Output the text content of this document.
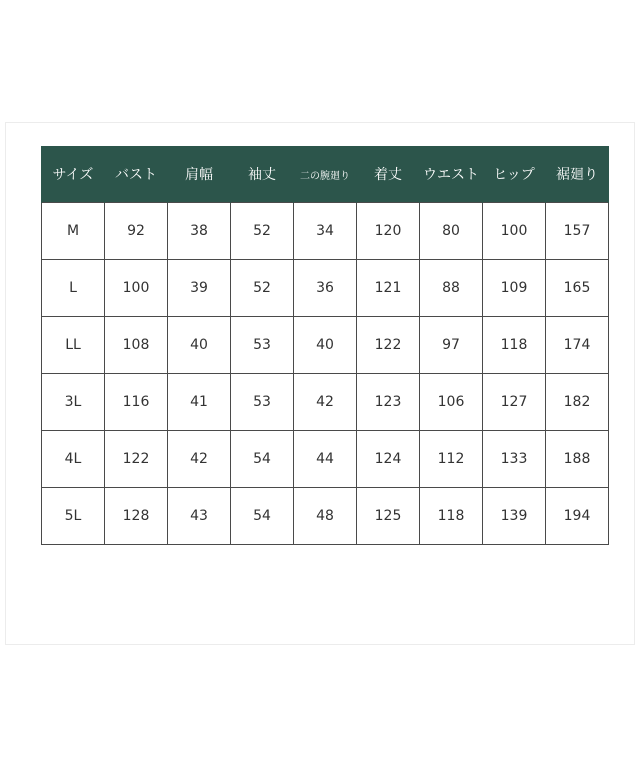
サイズ	バスト	肩幅	袖丈	二の腕廻り	着丈	ウエスト	ヒップ	裾廻り
M	92	38	52	34	120	80	100	157
L	100	39	52	36	121	88	109	165
LL	108	40	53	40	122	97	118	174
3L	116	41	53	42	123	106	127	182
4L	122	42	54	44	124	112	133	188
5L	128	43	54	48	125	118	139	194
